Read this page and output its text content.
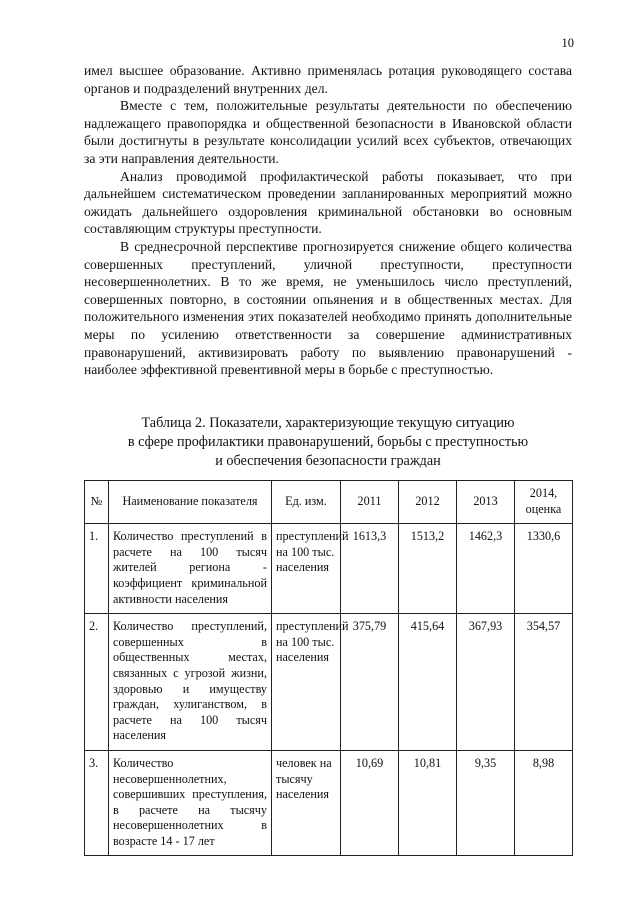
10

имел высшее образование. Активно применялась ротация руководящего состава органов и подразделений внутренних дел.

Вместе с тем, положительные результаты деятельности по обеспечению надлежащего правопорядка и общественной безопасности в Ивановской области были достигнуты в результате консолидации усилий всех субъектов, отвечающих за эти направления деятельности.

Анализ проводимой профилактической работы показывает, что при дальнейшем систематическом проведении запланированных мероприятий можно ожидать дальнейшего оздоровления криминальной обстановки во основным составляющим структуры преступности.

В среднесрочной перспективе прогнозируется снижение общего количества совершенных преступлений, уличной преступности, преступности несовершеннолетних. В то же время, не уменьшилось число преступлений, совершенных повторно, в состоянии опьянения и в общественных местах. Для положительного изменения этих показателей необходимо принять дополнительные меры по усилению ответственности за совершение административных правонарушений, активизировать работу по выявлению правонарушений - наиболее эффективной превентивной меры в борьбе с преступностью.

Таблица 2. Показатели, характеризующие текущую ситуацию
в сфере профилактики правонарушений, борьбы с преступностью
и обеспечения безопасности граждан
№	Наименование показателя	Ед. изм.	2011	2012	2013	2014, оценка
1.	Количество преступлений в расчете на 100 тысяч жителей региона - коэффициент криминальной активности населения	преступлений на 100 тыс. населения	1613,3	1513,2	1462,3	1330,6
2.	Количество преступлений, совершенных в общественных местах, связанных с угрозой жизни, здоровью и имуществу граждан, хулиганством, в расчете на 100 тысяч населения	преступлений на 100 тыс. населения	375,79	415,64	367,93	354,57
3.	Количество несовершеннолетних, совершивших преступления, в расчете на тысячу несовершеннолетних в возрасте 14 - 17 лет	человек на тысячу населения	10,69	10,81	9,35	8,98
